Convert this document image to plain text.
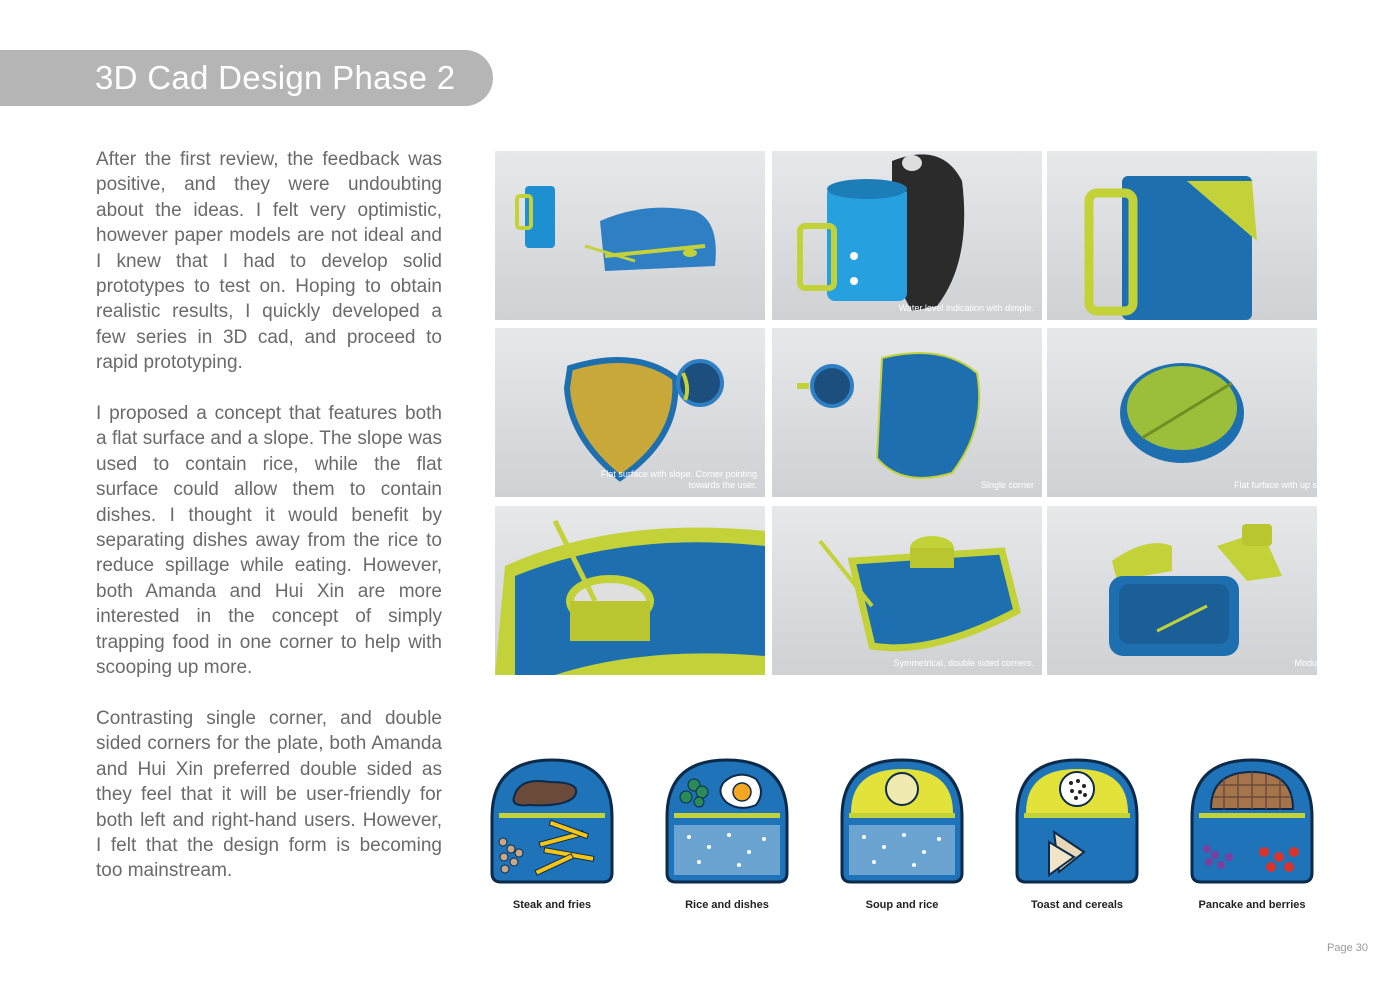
3D Cad Design Phase 2

After the first review, the feedback was positive, and they were undoubting about the ideas. I felt very optimistic, however paper models are not ideal and I knew that I had to develop solid prototypes to test on. Hoping to obtain realistic results, I quickly developed a few series in 3D cad, and proceed to rapid prototyping.

I proposed a concept that features both a flat surface and a slope. The slope was used to contain rice, while the flat surface could allow them to contain dishes. I thought it would benefit by separating dishes away from the rice to reduce spillage while eating. However, both Amanda and Hui Xin are more interested in the concept of simply trapping food in one corner to help with scooping up more.

Contrasting single corner, and double sided corners for the plate, both Amanda and Hui Xin preferred double sided as they feel that it will be user-friendly for both left and right-hand users. However, I felt that the design form is becoming too mainstream.

Water level indication with dimple.
Flat surface with slope. Corner pointing towards the user.	Single corner	Flat furface with up s
Symmetrical, double sided corners.	Modu
Steak and fries	Rice and dishes	Soup and rice	Toast and cereals	Pancake and berries
Page 30
